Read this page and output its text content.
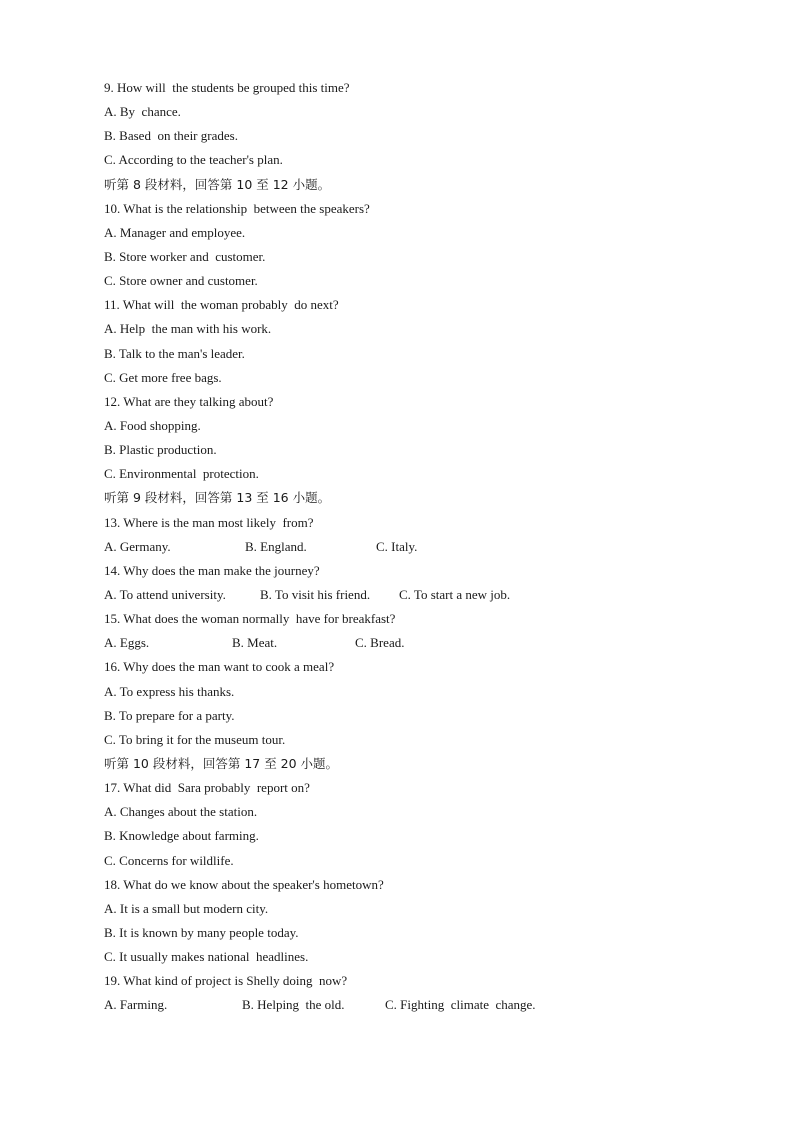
9. How will  the students be grouped this time?
A. By  chance.
B. Based  on their grades.
C. According to the teacher's plan.
听第 8 段材料，回答第 10 至 12 小题。
10. What is the relationship  between the speakers?
A. Manager and employee.
B. Store worker and  customer.
C. Store owner and customer.
11. What will  the woman probably  do next?
A. Help  the man with his work.
B. Talk to the man's leader.
C. Get more free bags.
12. What are they talking about?
A. Food shopping.
B. Plastic production.
C. Environmental  protection.
听第 9 段材料，回答第 13 至 16 小题。
13. Where is the man most likely  from?
A. Germany.	B. England.	C. Italy.
14. Why does the man make the journey?
A. To attend university.	B. To visit his friend.	C. To start a new job.
15. What does the woman normally  have for breakfast?
A. Eggs.	B. Meat.	C. Bread.
16. Why does the man want to cook a meal?
A. To express his thanks.
B. To prepare for a party.
C. To bring it for the museum tour.
听第 10 段材料，回答第 17 至 20 小题。
17. What did  Sara probably  report on?
A. Changes about the station.
B. Knowledge about farming.
C. Concerns for wildlife.
18. What do we know about the speaker's hometown?
A. It is a small but modern city.
B. It is known by many people today.
C. It usually makes national  headlines.
19. What kind of project is Shelly doing  now?
A. Farming.	B. Helping  the old.	C. Fighting  climate  change.
